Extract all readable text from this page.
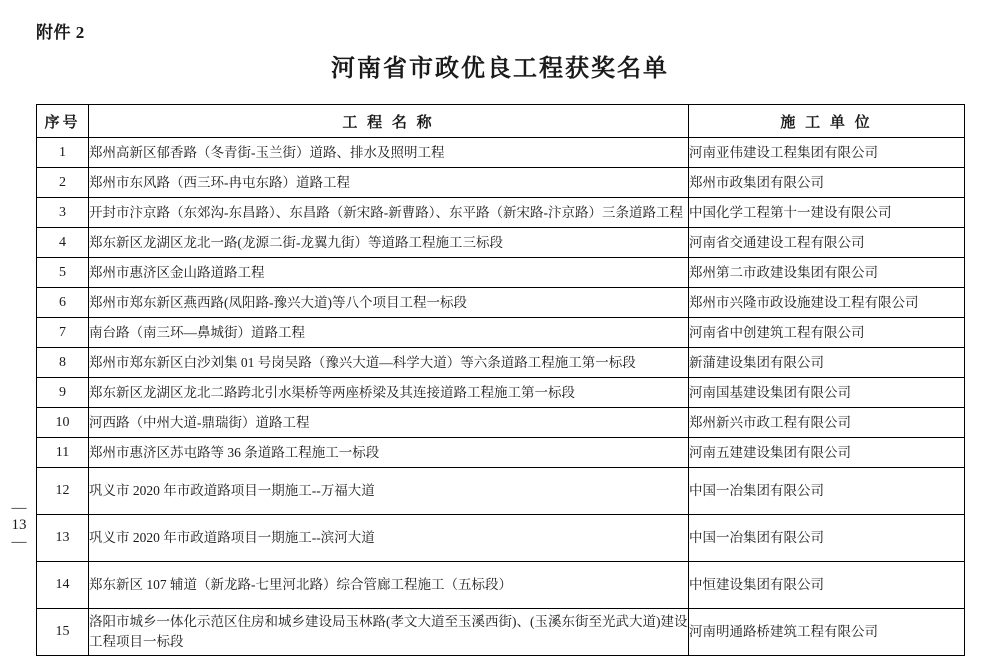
附件 2
河南省市政优良工程获奖名单
— 13 —
序号	工 程 名 称	施 工 单 位
1	郑州高新区郁香路（冬青街-玉兰街）道路、排水及照明工程	河南亚伟建设工程集团有限公司
2	郑州市东风路（西三环-冉屯东路）道路工程	郑州市政集团有限公司
3	开封市汴京路（东郊沟-东昌路）、东昌路（新宋路-新曹路）、东平路（新宋路-汴京路）三条道路工程	中国化学工程第十一建设有限公司
4	郑东新区龙湖区龙北一路(龙源二街-龙翼九街）等道路工程施工三标段	河南省交通建设工程有限公司
5	郑州市惠济区金山路道路工程	郑州第二市政建设集团有限公司
6	郑州市郑东新区燕西路(凤阳路-豫兴大道)等八个项目工程一标段	郑州市兴隆市政设施建设工程有限公司
7	南台路（南三环—鼻城街）道路工程	河南省中创建筑工程有限公司
8	郑州市郑东新区白沙刘集 01 号岗吴路（豫兴大道—科学大道）等六条道路工程施工第一标段	新蒲建设集团有限公司
9	郑东新区龙湖区龙北二路跨北引水渠桥等两座桥梁及其连接道路工程施工第一标段	河南国基建设集团有限公司
10	河西路（中州大道-鼎瑞街）道路工程	郑州新兴市政工程有限公司
11	郑州市惠济区苏屯路等 36 条道路工程施工一标段	河南五建建设集团有限公司
12	巩义市 2020 年市政道路项目一期施工--万福大道	中国一冶集团有限公司
13	巩义市 2020 年市政道路项目一期施工--滨河大道	中国一冶集团有限公司
14	郑东新区 107 辅道（新龙路-七里河北路）综合管廊工程施工（五标段）	中恒建设集团有限公司
15	洛阳市城乡一体化示范区住房和城乡建设局玉林路(孝文大道至玉溪西街)、(玉溪东街至光武大道)建设工程项目一标段	河南明通路桥建筑工程有限公司
